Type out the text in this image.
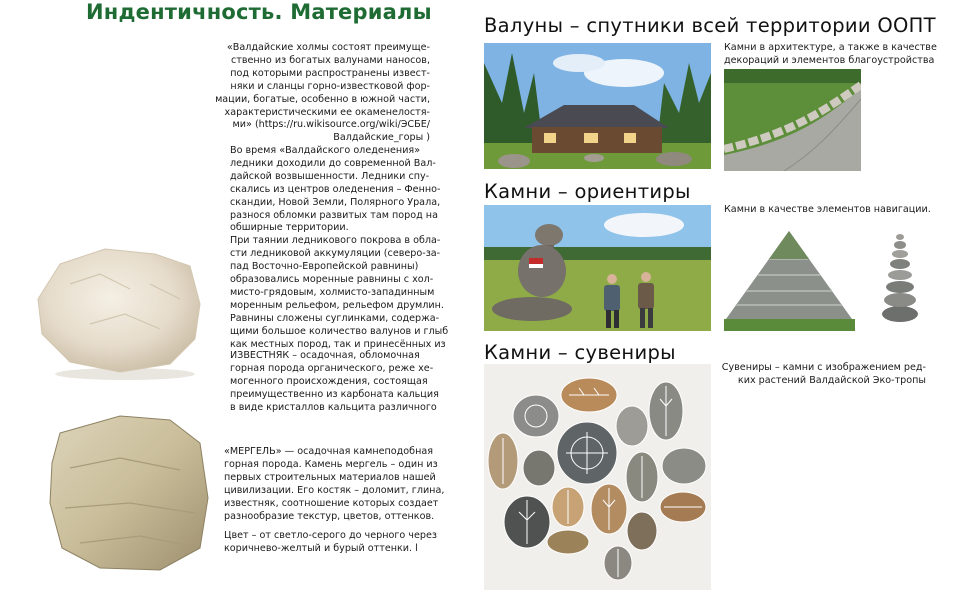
Индентичность. Материалы
«Валдайские холмы состоят преимуще-
ственно из богатых валунами наносов,
под которыми распространены извест-
няки и сланцы горно-известковой фор-
мации, богатые, особенно в южной части,
характеристическими ее окаменелостя-
ми» (https://ru.wikisource.org/wiki/ЭСБЕ/
Валдайские_горы )
Во время «Валдайского оледенения»
ледники доходили до современной Вал-
дайской возвышенности. Ледники спу-
скались из центров оледенения – Фенно-
скандии, Новой Земли, Полярного Урала,
разнося обломки развитых там пород на
обширные территории.
При таянии ледникового покрова в обла-
сти ледниковой аккумуляции (северо-за-
пад Восточно-Европейской равнины)
образовались моренные равнины с хол-
мисто-грядовым, холмисто-западинным
моренным рельефом, рельефом друмлин.
Равнины сложены суглинками, содержа-
щими большое количество валунов и глыб
как местных пород, так и принесённых из
ИЗВЕСТНЯК – осадочная, обломочная
горная порода органического, реже хе-
могенного происхождения, состоящая
преимущественно из карбоната кальция
в виде кристаллов кальцита различного
«МЕРГЕЛЬ» — осадочная камнеподобная
горная порода. Камень мергель – один из
первых строительных материалов нашей
цивилизации. Его костяк – доломит, глина,
известняк, соотношение которых создает
разнообразие текстур, цветов, оттенков.
Цвет – от светло-серого до черного через
коричнево-желтый и бурый оттенки. l
Валуны – спутники всей территории ООПТ
Камни – ориентиры
Камни – сувениры
Камни в архитектуре, а также в качестве
декораций и элементов благоустройства
Камни в качестве элементов навигации.
Сувениры – камни с изображением ред-
ких растений Валдайской Эко-тропы
